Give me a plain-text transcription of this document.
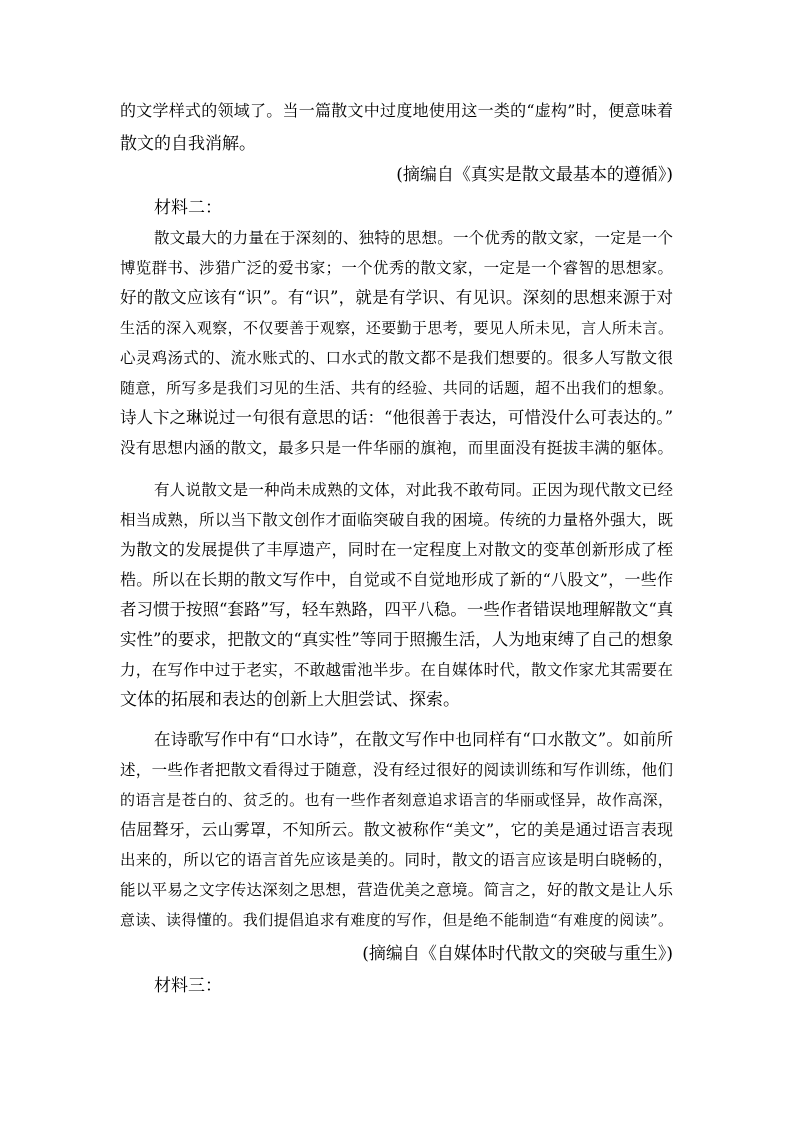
的文学样式的领域了。当一篇散文中过度地使用这一类的“虚构”时，便意味着
散文的自我消解。
(摘编自《真实是散文最基本的遵循》)
材料二：
散文最大的力量在于深刻的、独特的思想。一个优秀的散文家，一定是一个
博览群书、涉猎广泛的爱书家；一个优秀的散文家，一定是一个睿智的思想家。
好的散文应该有“识”。有“识”，就是有学识、有见识。深刻的思想来源于对
生活的深入观察，不仅要善于观察，还要勤于思考，要见人所未见，言人所未言。
心灵鸡汤式的、流水账式的、口水式的散文都不是我们想要的。很多人写散文很
随意，所写多是我们习见的生活、共有的经验、共同的话题，超不出我们的想象。
诗人卞之琳说过一句很有意思的话：“他很善于表达，可惜没什么可表达的。”
没有思想内涵的散文，最多只是一件华丽的旗袍，而里面没有挺拔丰满的躯体。
有人说散文是一种尚未成熟的文体，对此我不敢苟同。正因为现代散文已经
相当成熟，所以当下散文创作才面临突破自我的困境。传统的力量格外强大，既
为散文的发展提供了丰厚遗产，同时在一定程度上对散文的变革创新形成了桎
梏。所以在长期的散文写作中，自觉或不自觉地形成了新的“八股文”，一些作
者习惯于按照“套路”写，轻车熟路，四平八稳。一些作者错误地理解散文“真
实性”的要求，把散文的“真实性”等同于照搬生活，人为地束缚了自己的想象
力，在写作中过于老实，不敢越雷池半步。在自媒体时代，散文作家尤其需要在
文体的拓展和表达的创新上大胆尝试、探索。
在诗歌写作中有“口水诗”，在散文写作中也同样有“口水散文”。如前所
述，一些作者把散文看得过于随意，没有经过很好的阅读训练和写作训练，他们
的语言是苍白的、贫乏的。也有一些作者刻意追求语言的华丽或怪异，故作高深，
佶屈聱牙，云山雾罩，不知所云。散文被称作“美文”，它的美是通过语言表现
出来的，所以它的语言首先应该是美的。同时，散文的语言应该是明白晓畅的，
能以平易之文字传达深刻之思想，营造优美之意境。简言之，好的散文是让人乐
意读、读得懂的。我们提倡追求有难度的写作，但是绝不能制造“有难度的阅读”。
(摘编自《自媒体时代散文的突破与重生》)
材料三：
